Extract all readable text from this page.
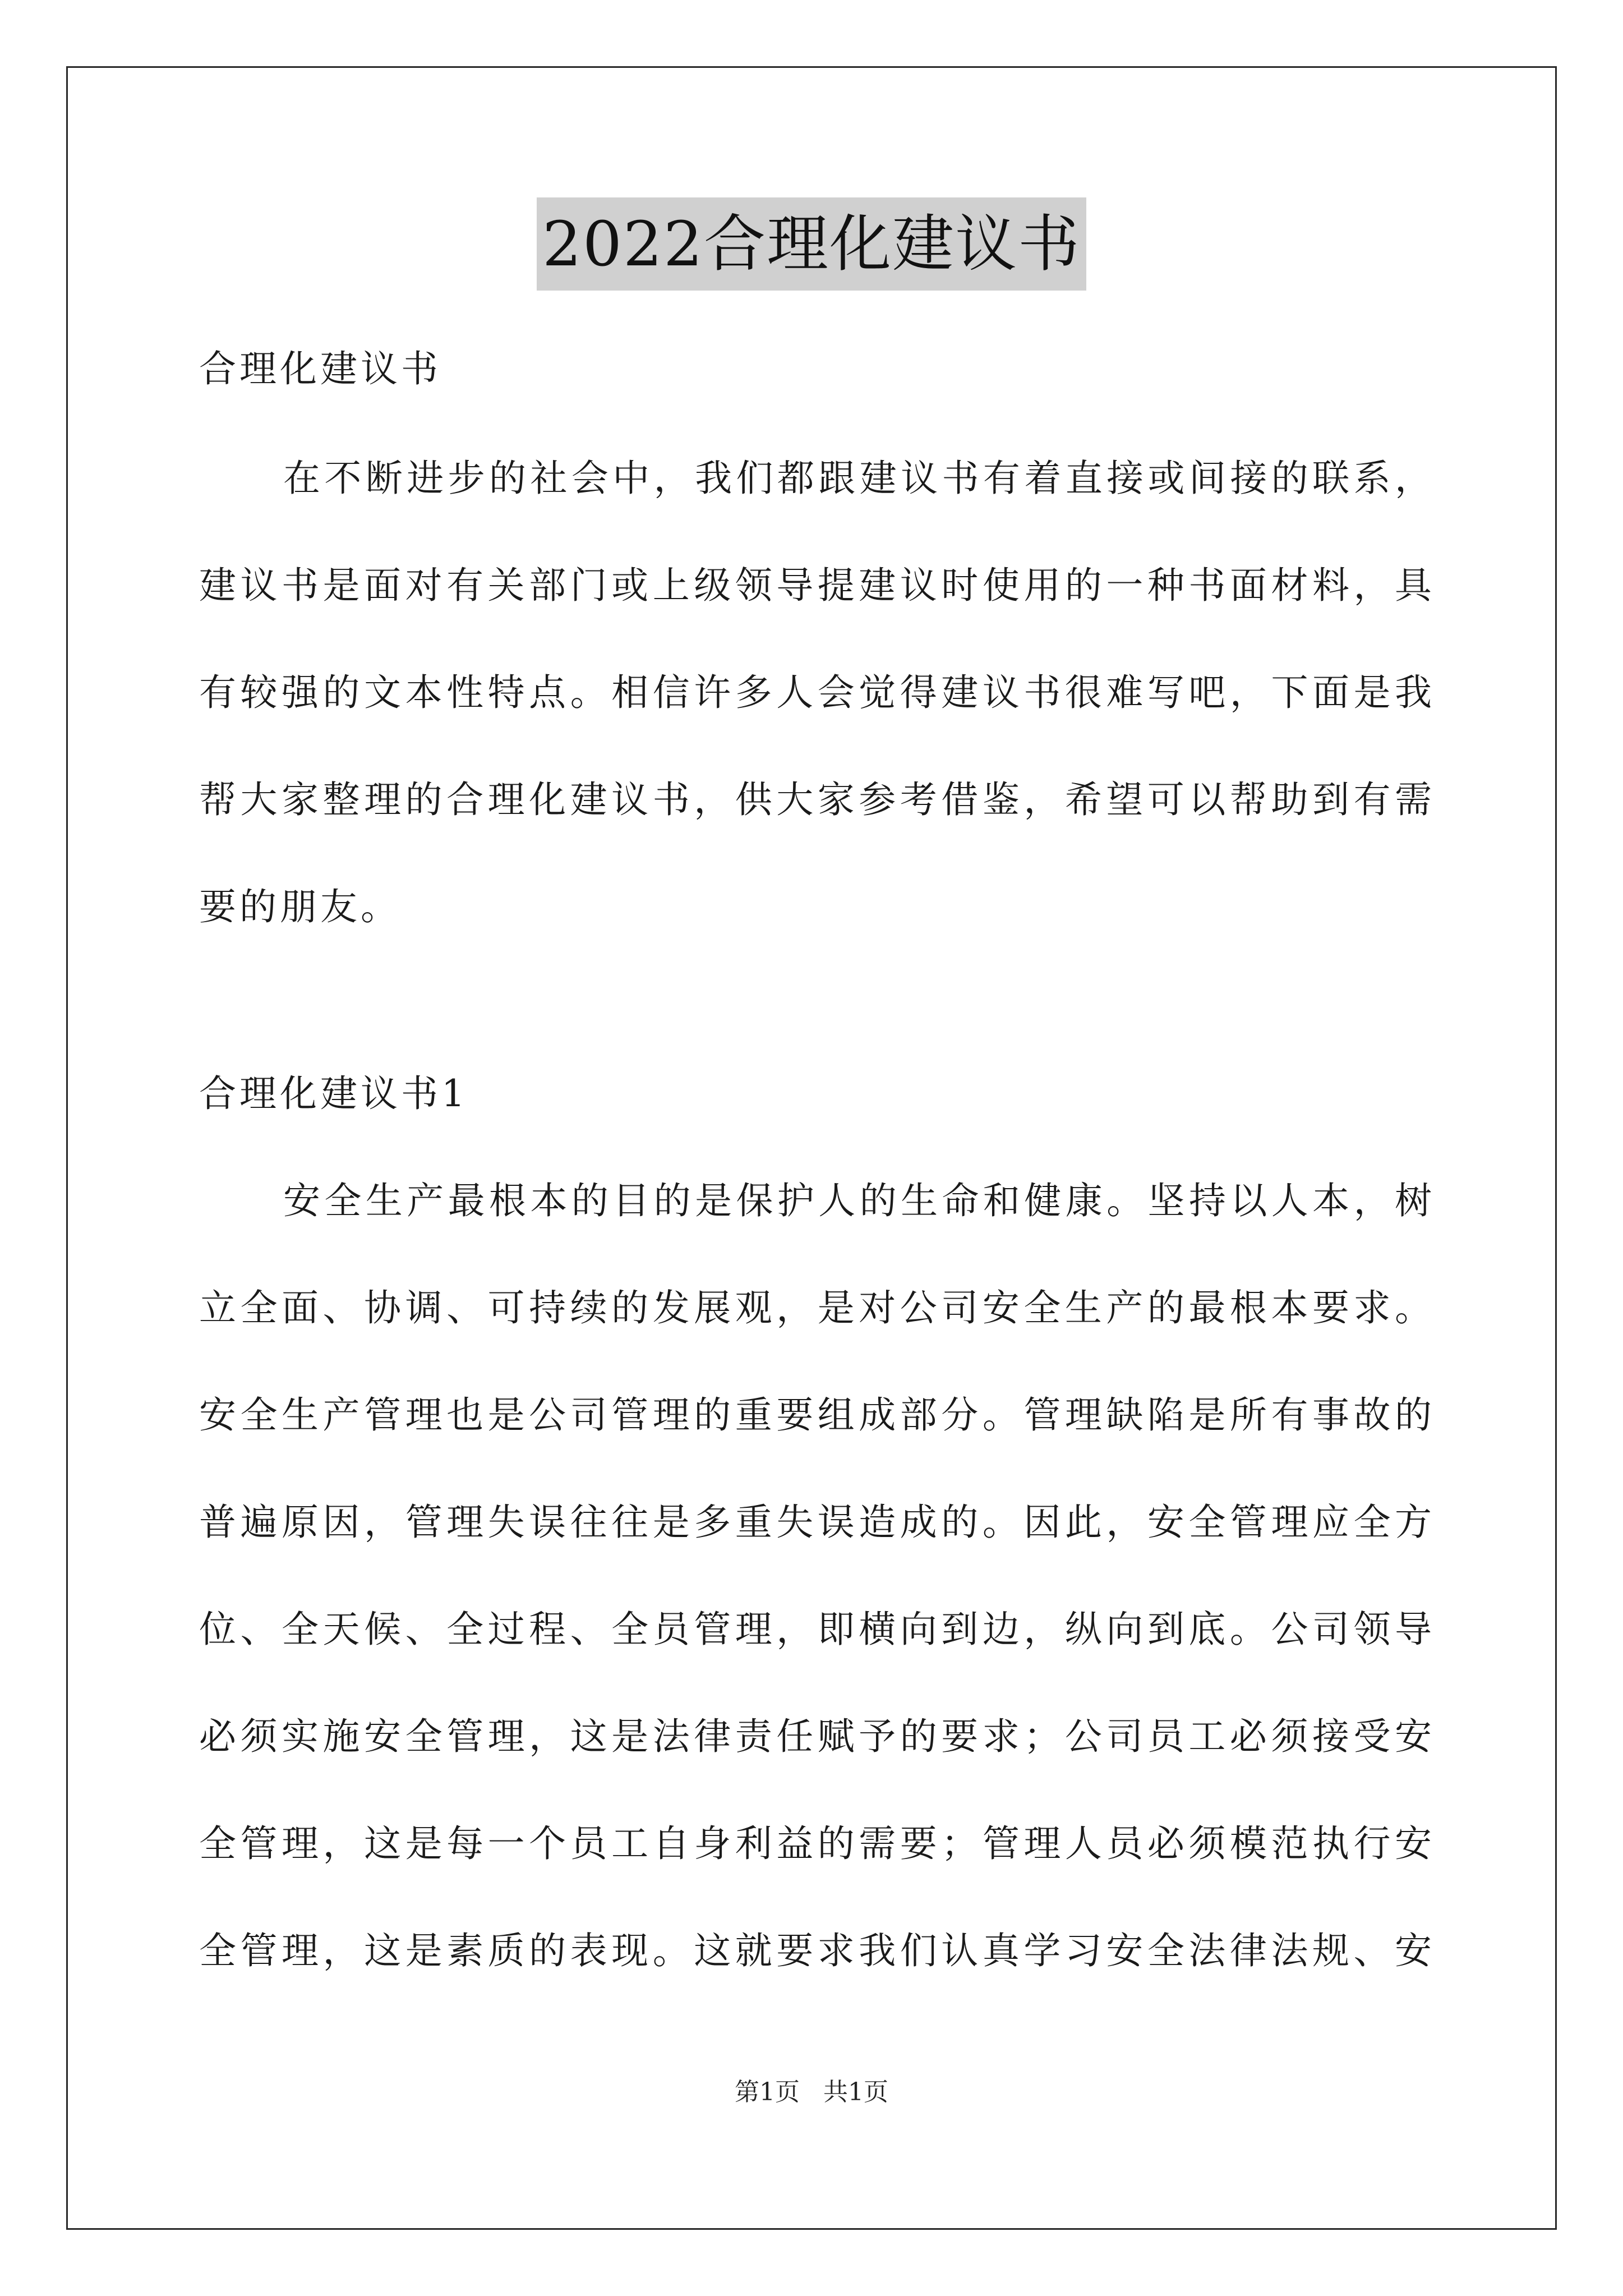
2022合理化建议书
合理化建议书
在不断进步的社会中，我们都跟建议书有着直接或间接的联系，
建议书是面对有关部门或上级领导提建议时使用的一种书面材料，具
有较强的文本性特点。相信许多人会觉得建议书很难写吧，下面是我
帮大家整理的合理化建议书，供大家参考借鉴，希望可以帮助到有需
要的朋友。
合理化建议书1
安全生产最根本的目的是保护人的生命和健康。坚持以人本，树
立全面、协调、可持续的发展观，是对公司安全生产的最根本要求。
安全生产管理也是公司管理的重要组成部分。管理缺陷是所有事故的
普遍原因，管理失误往往是多重失误造成的。因此，安全管理应全方
位、全天候、全过程、全员管理，即横向到边，纵向到底。公司领导
必须实施安全管理，这是法律责任赋予的要求；公司员工必须接受安
全管理，这是每一个员工自身利益的需要；管理人员必须模范执行安
全管理，这是素质的表现。这就要求我们认真学习安全法律法规、安
第1页 共1页
